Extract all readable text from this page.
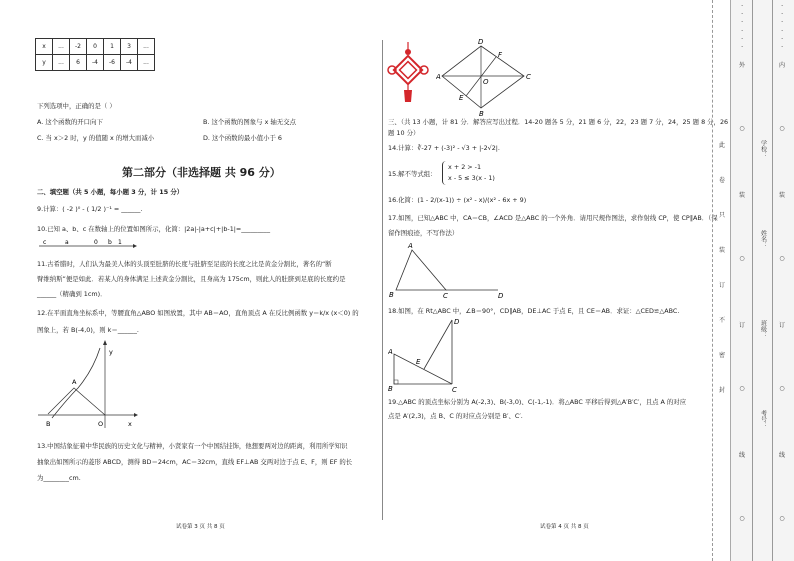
x	...	-2	0	1	3	...
y	...	6	-4	-6	-4	...
下列选项中，正确的是（ ）
A. 这个函数的开口向下	B. 这个函数的图象与 x 轴无交点
C. 当 x＞2 时，y 的值随 x 的增大而减小	D. 这个函数的最小值小于 6
第二部分（非选择题 共 96 分）
二、填空题（共 5 小题，每小题 3 分，计 15 分）
9.计算：( -2 )⁰ - ( 1/2 )⁻¹ = ______.
10.已知 a、b、c 在数轴上的位置如图所示，化简：|2a|-|a+c|+|b-1|=_________
c	a	0 b 1
11.古希腊时，人们认为最美人体的头顶至肚脐的长度与肚脐至足底的长度之比是黄金分割比，著名的“断
臂维纳斯”便是如此．若某人的身体满足上述黄金分割比，且身高为 175cm，则此人的肚脐到足底的长度约是
______（精确到 1cm)．
12.在平面直角坐标系中，等腰直角△ABO 如图放置，其中 AB＝AO，直角顶点 A 在反比例函数 y＝k/x (x＜0) 的
图象上，若 B(-4,0)，则 k＝______.
y
A
B	O	x
13.中国结象征着中华民族的历史文化与精神，小贤家有一个中国结挂饰，他想要两对边的距离，利用所学知识
抽象出如图所示的菱形 ABCD，测得 BD＝24cm，AC＝32cm，直线 EF⊥AB 交两对边于点 E、F，则 EF 的长
为________cm.
试卷第 3 页 共 8 页
D
F
A
O
C
E
B
三、（共 13 小题，计 81 分．解答应写出过程．14-20 题各 5 分，21 题 6 分，22，23 题 7 分，24，25 题 8 分，26
题 10 分）
14.计算：∛-27 + (-3)² - √3 + |-2√2|.
15.解不等式组：
x + 2 > -1
x - 5 ≤ 3(x - 1)
16.化简：(1 - 2/(x-1)) ÷ (x² - x)/(x² - 6x + 9)
17.如图，已知△ABC 中，CA＝CB，∠ACD 是△ABC 的一个外角．请用尺规作图法，求作射线 CP，使 CP∥AB．（保
留作图痕迹，不写作法）
A
B	C	D
18.如图，在 Rt△ABC 中，∠B＝90°，CD∥AB，DE⊥AC 于点 E，且 CE＝AB．求证：△CED≌△ABC.
D
A
E
B	C
19.△ABC 的顶点坐标分别为 A(-2,3)、B(-3,0)、C(-1,-1)．将△ABC 平移后得到△A′B′C′，且点 A 的对应
点是 A′(2,3)，点 B、C 的对应点分别是 B′、C′.
试卷第 4 页 共 8 页
·
·
·
·
·
·
·
·
·
·
·
·
外
○
装
○
订
○
线
○
学校：
姓名：
班级：
考号：
内
○
装
○
订
○
线
○
此
卷
只
装
订
不
密
封
